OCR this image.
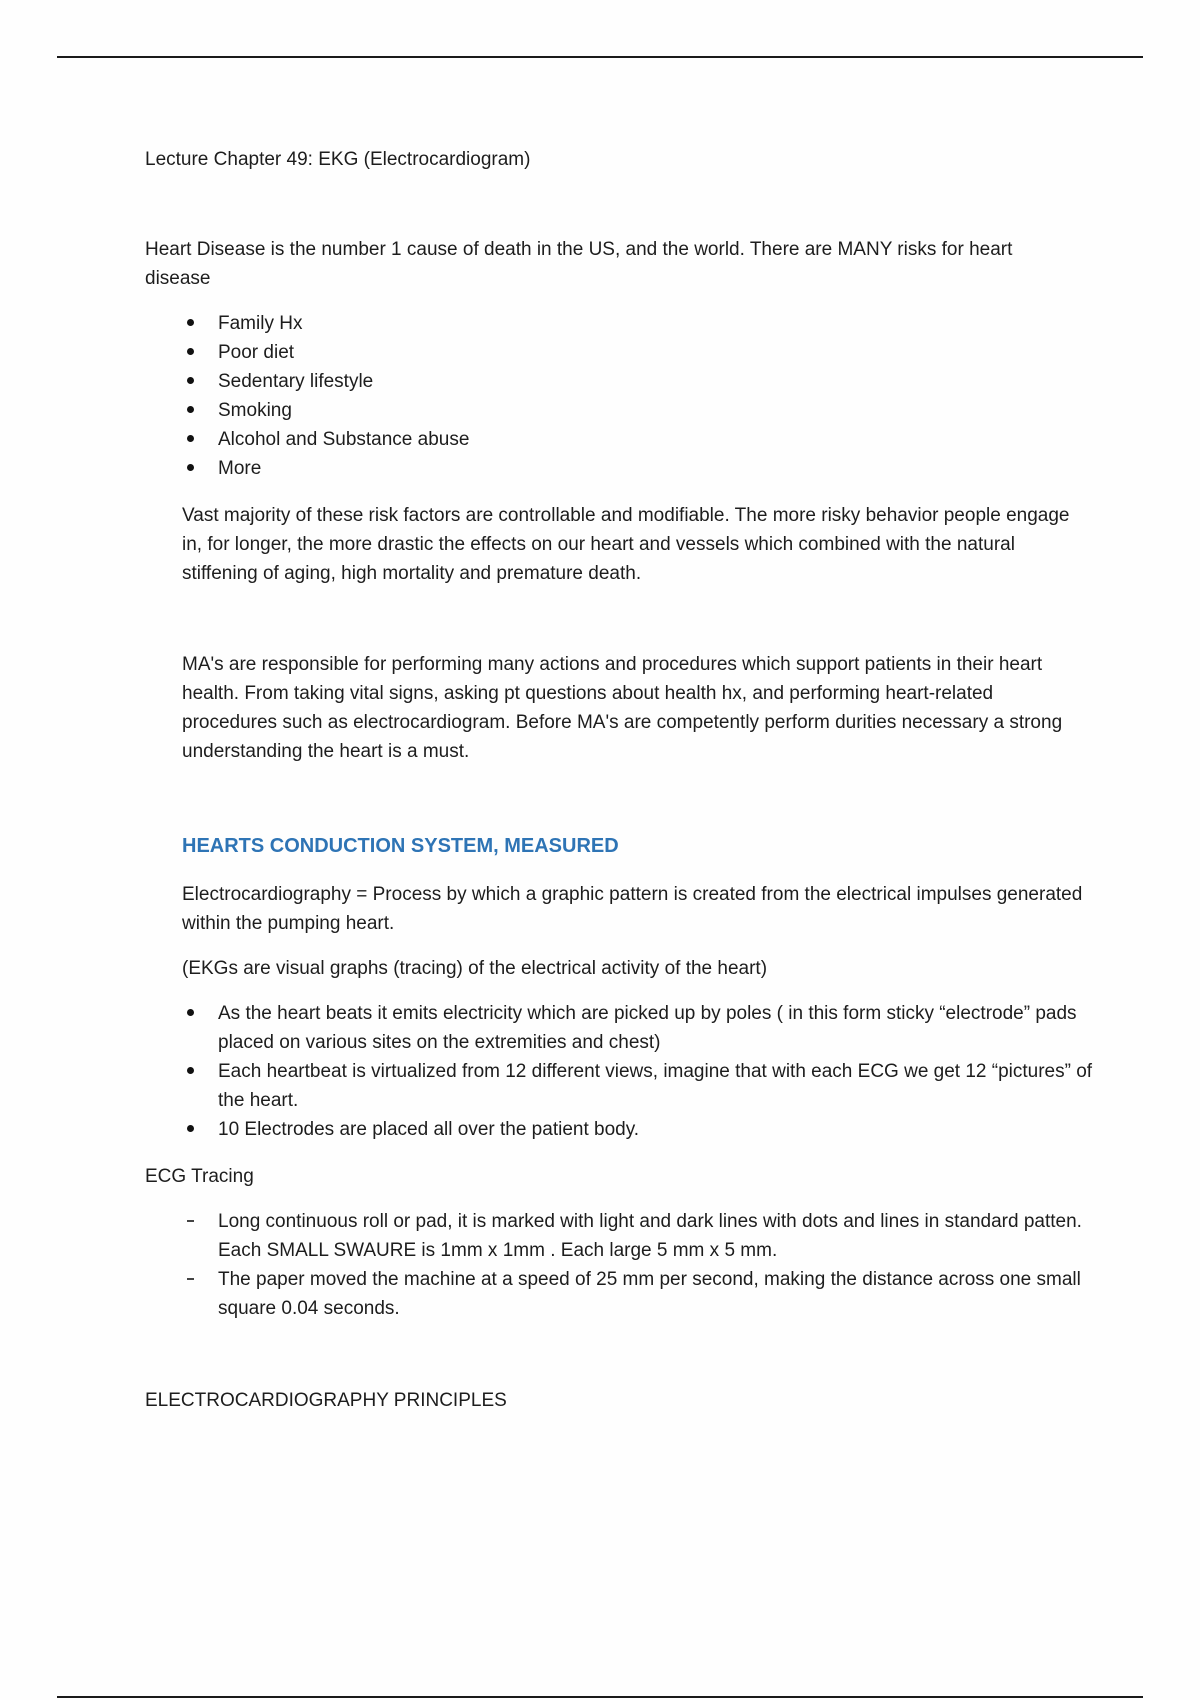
Lecture Chapter 49: EKG (Electrocardiogram)

Heart Disease is the number 1 cause of death in the US, and the world. There are MANY risks for heart disease

Family Hx
Poor diet
Sedentary lifestyle
Smoking
Alcohol and Substance abuse
More

Vast majority of these risk factors are controllable and modifiable. The more risky behavior people engage in, for longer, the more drastic the effects on our heart and vessels which combined with the natural stiffening of aging, high mortality and premature death.

MA's are responsible for performing many actions and procedures which support patients in their heart health. From taking vital signs, asking pt questions about health hx, and performing heart-related procedures such as electrocardiogram. Before MA's are competently perform durities necessary a strong understanding the heart is a must.

HEARTS CONDUCTION SYSTEM, MEASURED

Electrocardiography = Process by which a graphic pattern is created from the electrical impulses generated within the pumping heart.

(EKGs are visual graphs (tracing) of the electrical activity of the heart)

As the heart beats it emits electricity which are picked up by poles ( in this form sticky “electrode” pads placed on various sites on the extremities and chest)
Each heartbeat is virtualized from 12 different views, imagine that with each ECG we get 12 “pictures” of the heart.
10 Electrodes are placed all over the patient body.

ECG Tracing

Long continuous roll or pad, it is marked with light and dark lines with dots and lines in standard patten. Each SMALL SWAURE is 1mm x 1mm . Each large 5 mm x 5 mm.
The paper moved the machine at a speed of 25 mm per second, making the distance across one small square 0.04 seconds.

ELECTROCARDIOGRAPHY PRINCIPLES
